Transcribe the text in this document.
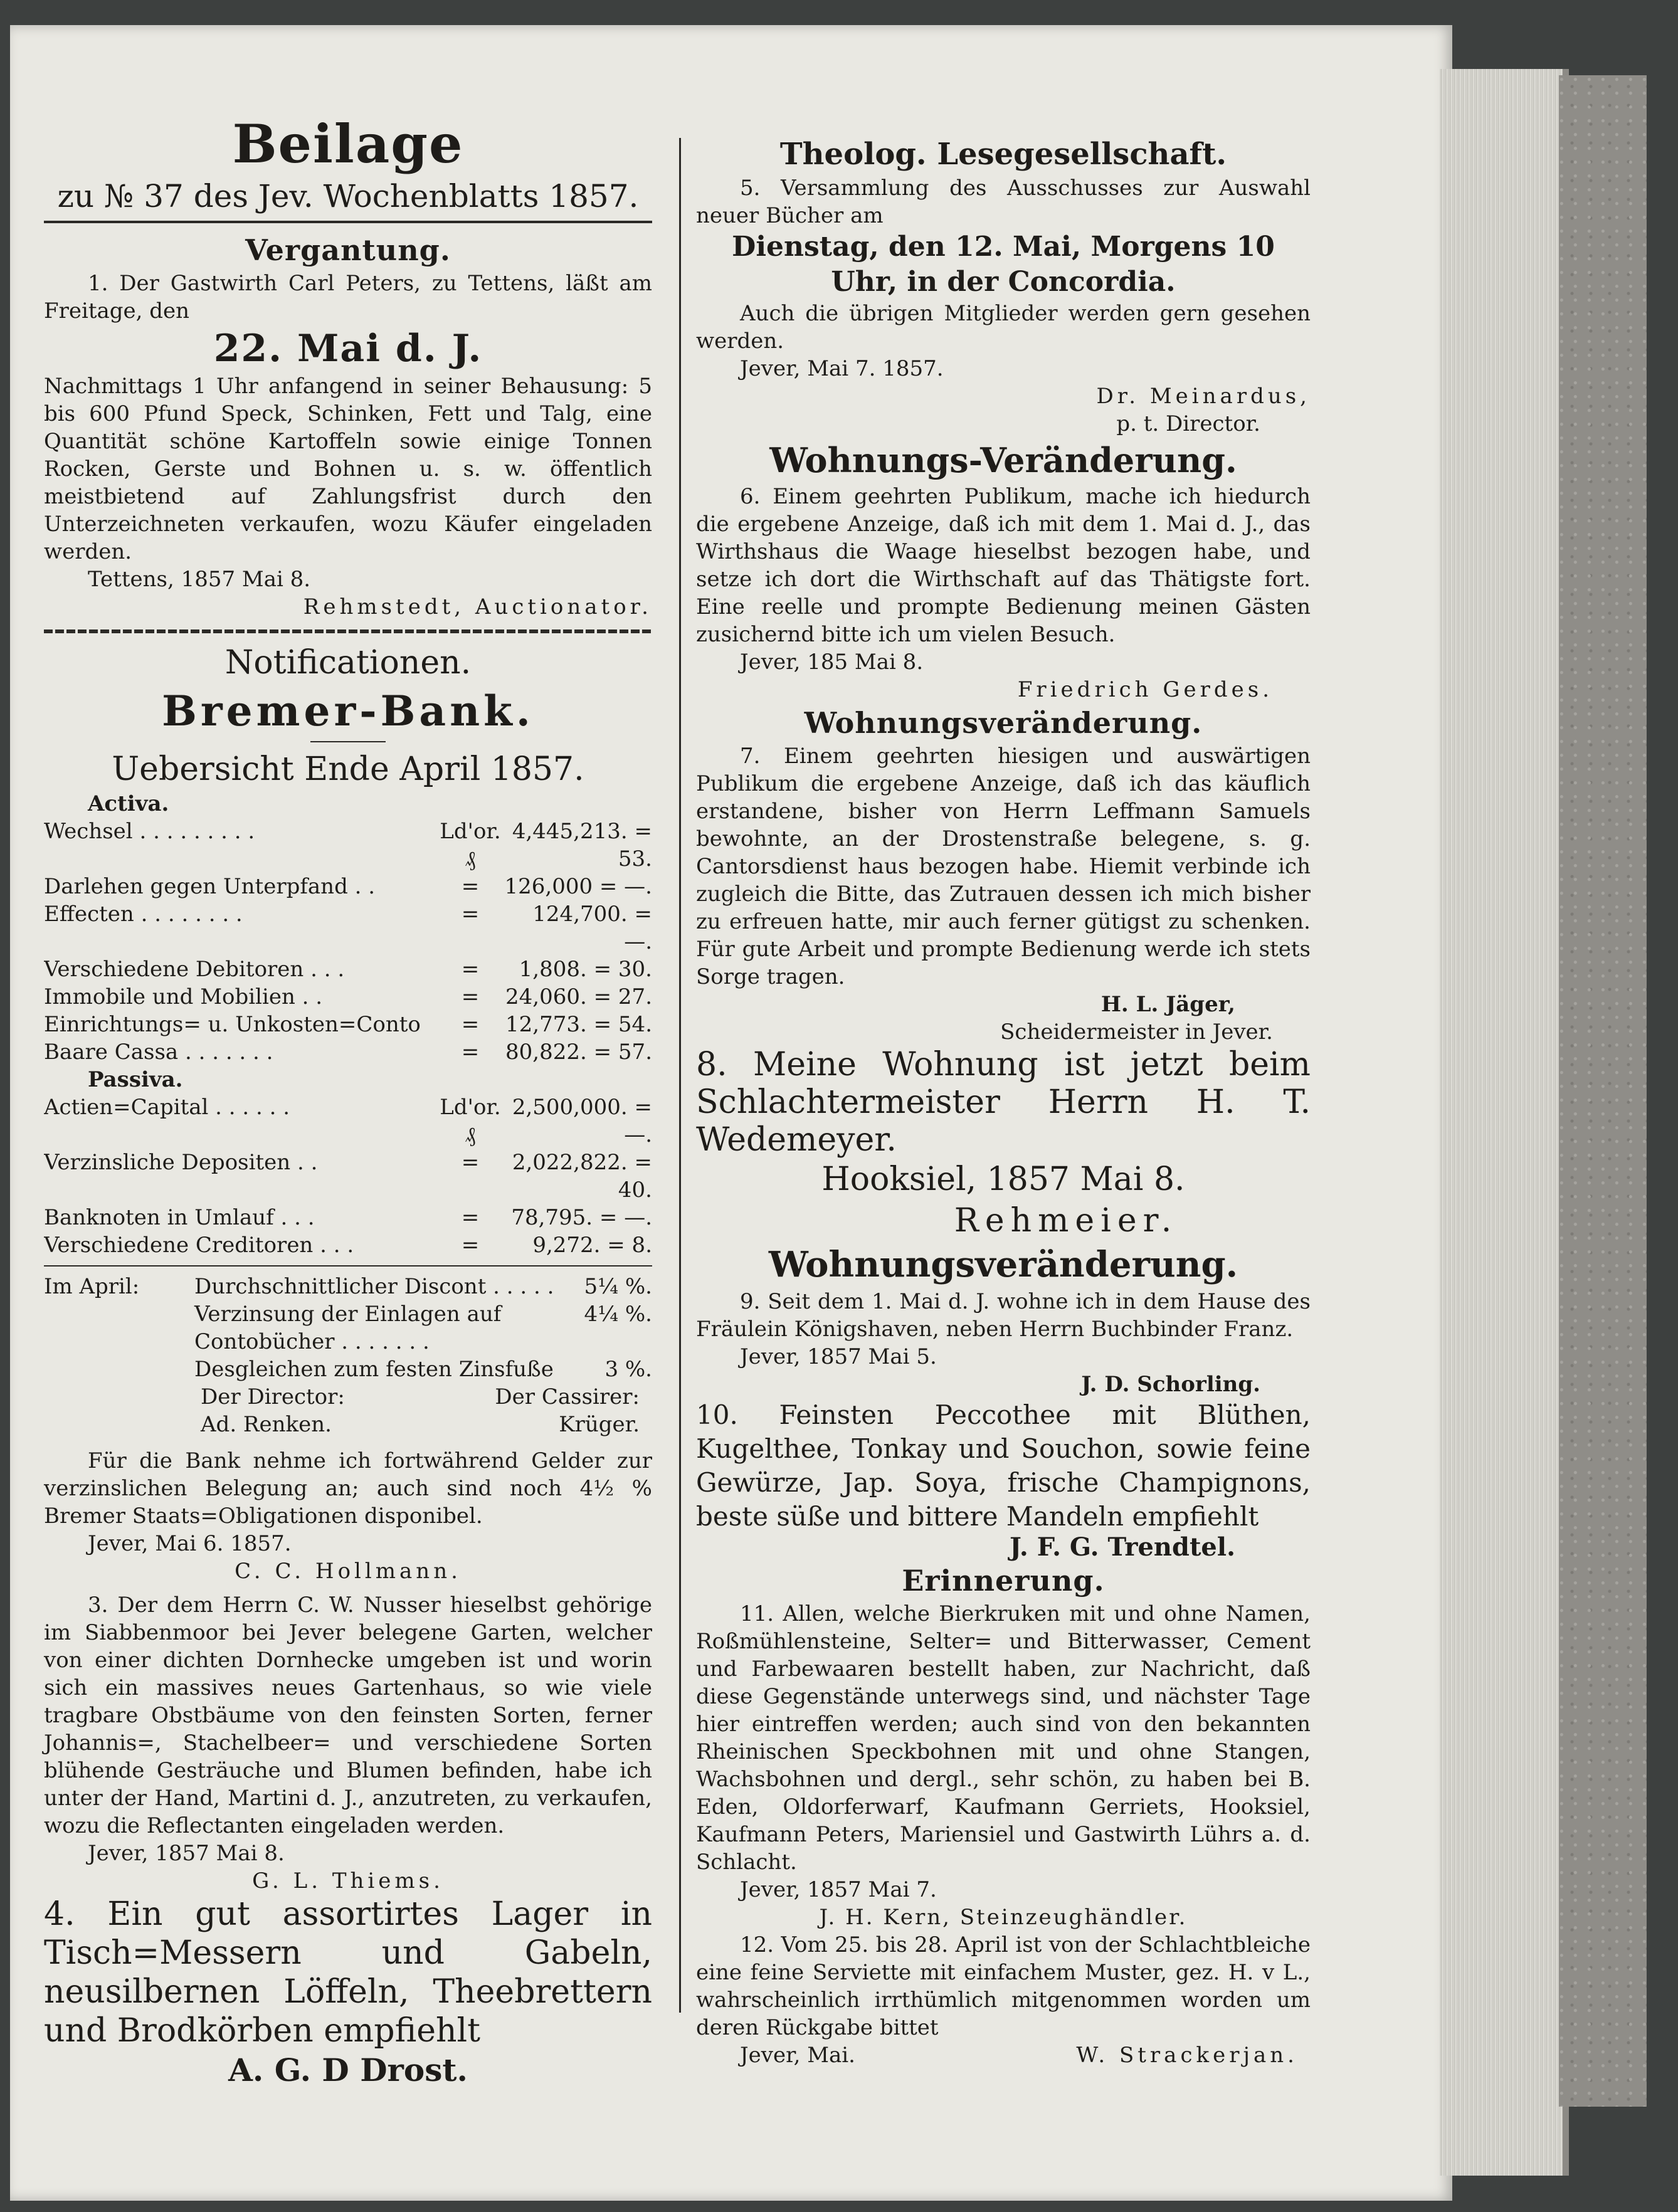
Beilage

zu № 37 des Jev. Wochenblatts 1857.

Vergantung.

1. Der Gastwirth Carl Peters, zu Tettens, läßt am Freitage, den

22. Mai d. J.

Nachmittags 1 Uhr anfangend in seiner Behausung: 5 bis 600 Pfund Speck, Schinken, Fett und Talg, eine Quantität schöne Kartoffeln sowie einige Tonnen Rocken, Gerste und Bohnen u. s. w. öffentlich meistbietend auf Zahlungsfrist durch den Unterzeichneten verkaufen, wozu Käufer eingeladen werden.

Tettens, 1857 Mai 8.

Rehmstedt, Auctionator.

Notificationen.

Bremer-Bank.

Uebersicht Ende April 1857.

Activa.

Wechsel . . . . . . . . .	Ld'or.₰
4,445,213. = 53.
Darlehen gegen Unterpfand . .	=	126,000 = —.
Effecten . . . . . . . .	=	124,700. = —.
Verschiedene Debitoren . . .	=	1,808. = 30.
Immobile und Mobilien . .	=	24,060. = 27.
Einrichtungs= u. Unkosten=Conto	=	12,773. = 54.
Baare Cassa . . . . . . .	=	80,822. = 57.

Passiva.

Actien=Capital . . . . . .	Ld'or.₰
2,500,000. = —.
Verzinsliche Depositen . .	=	2,022,822. = 40.
Banknoten in Umlauf . . .	=	78,795. = —.
Verschiedene Creditoren . . .	=	9,272. = 8.
Im April:	Durchschnittlicher Discont . . . . .	5¼ %.
Verzinsung der Einlagen auf Contobücher . . . . . . .
4¼ %.
Desgleichen zum festen Zinsfuße	3 %.
Der Director:	Der Cassirer:
Ad. Renken.	Krüger.

Für die Bank nehme ich fortwährend Gelder zur verzinslichen Belegung an; auch sind noch 4½ % Bremer Staats=Obligationen disponibel.

Jever, Mai 6. 1857.

C. C. Hollmann.

3. Der dem Herrn C. W. Nusser hieselbst gehörige im Siabbenmoor bei Jever belegene Garten, welcher von einer dichten Dornhecke umgeben ist und worin sich ein massives neues Gartenhaus, so wie viele tragbare Obstbäume von den feinsten Sorten, ferner Johannis=, Stachelbeer= und verschiedene Sorten blühende Gesträuche und Blumen befinden, habe ich unter der Hand, Martini d. J., anzutreten, zu verkaufen, wozu die Reflectanten eingeladen werden.

Jever, 1857 Mai 8.

G. L. Thiems.

4. Ein gut assortirtes Lager in Tisch=Messern und Gabeln, neusilbernen Löffeln, Theebrettern und Brodkörben empfiehlt

A. G. D Drost.

Theolog. Lesegesellschaft.

5. Versammlung des Ausschusses zur Auswahl neuer Bücher am

Dienstag, den 12. Mai, Morgens 10 Uhr, in der Concordia.

Auch die übrigen Mitglieder werden gern gesehen werden.

Jever, Mai 7. 1857.

Dr. Meinardus,

p. t. Director.

Wohnungs-Veränderung.

6. Einem geehrten Publikum, mache ich hiedurch die ergebene Anzeige, daß ich mit dem 1. Mai d. J., das Wirthshaus die Waage hieselbst bezogen habe, und setze ich dort die Wirthschaft auf das Thätigste fort. Eine reelle und prompte Bedienung meinen Gästen zusichernd bitte ich um vielen Besuch.

Jever, 185 Mai 8.

Friedrich Gerdes.

Wohnungsveränderung.

7. Einem geehrten hiesigen und auswärtigen Publikum die ergebene Anzeige, daß ich das käuflich erstandene, bisher von Herrn Leffmann Samuels bewohnte, an der Drostenstraße belegene, s. g. Cantorsdienst haus bezogen habe. Hiemit verbinde ich zugleich die Bitte, das Zutrauen dessen ich mich bisher zu erfreuen hatte, mir auch ferner gütigst zu schenken. Für gute Arbeit und prompte Bedienung werde ich stets Sorge tragen.

H. L. Jäger,

Scheidermeister in Jever.

8. Meine Wohnung ist jetzt beim Schlachtermeister Herrn H. T. Wedemeyer.

Hooksiel, 1857 Mai 8.

Rehmeier.

Wohnungsveränderung.

9. Seit dem 1. Mai d. J. wohne ich in dem Hause des Fräulein Königshaven, neben Herrn Buchbinder Franz.

Jever, 1857 Mai 5.

J. D. Schorling.

10. Feinsten Peccothee mit Blüthen, Kugelthee, Tonkay und Souchon, sowie feine Gewürze, Jap. Soya, frische Champignons, beste süße und bittere Mandeln empfiehlt

J. F. G. Trendtel.

Erinnerung.

11. Allen, welche Bierkruken mit und ohne Namen, Roßmühlensteine, Selter= und Bitterwasser, Cement und Farbewaaren bestellt haben, zur Nachricht, daß diese Gegenstände unterwegs sind, und nächster Tage hier eintreffen werden; auch sind von den bekannten Rheinischen Speckbohnen mit und ohne Stangen, Wachsbohnen und dergl., sehr schön, zu haben bei B. Eden, Oldorferwarf, Kaufmann Gerriets, Hooksiel, Kaufmann Peters, Mariensiel und Gastwirth Lührs a. d. Schlacht.

Jever, 1857 Mai 7.

J. H. Kern, Steinzeughändler.

12. Vom 25. bis 28. April ist von der Schlachtbleiche eine feine Serviette mit einfachem Muster, gez. H. v L., wahrscheinlich irrthümlich mitgenommen worden um deren Rückgabe bittet

Jever, Mai.	W. Strackerjan.
